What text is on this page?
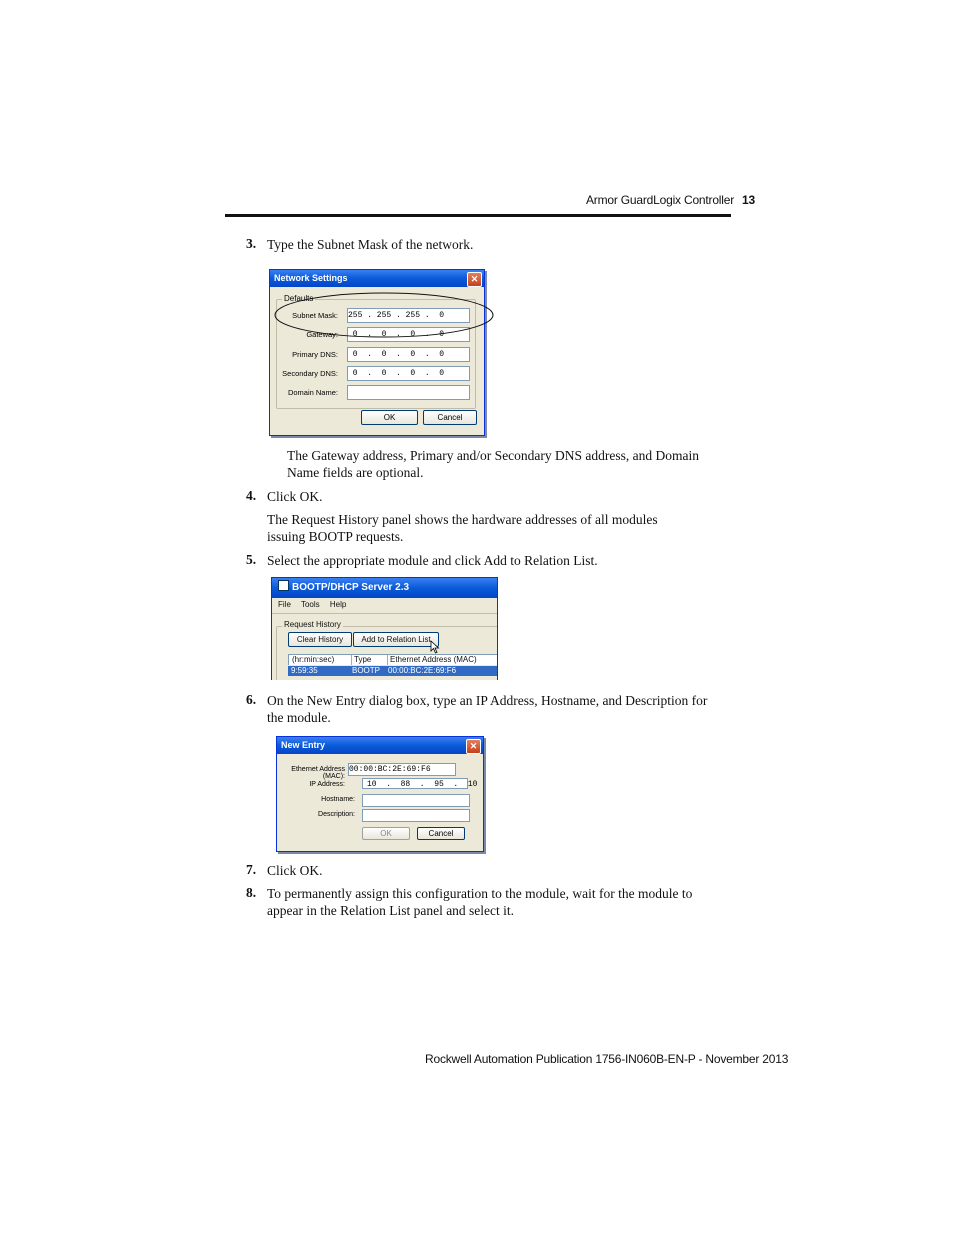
Armor GuardLogix Controller 13
3. Type the Subnet Mask of the network.
Network Settings	✕
Defaults
Subnet Mask: 255 . 255 . 255 .  0
Gateway: 0  .  0  .  0  .  0
Primary DNS: 0  .  0  .  0  .  0
Secondary DNS: 0  .  0  .  0  .  0
Domain Name:
OK	Cancel
The Gateway address, Primary and/or Secondary DNS address, and Domain Name fields are optional.
4. Click OK.
The Request History panel shows the hardware addresses of all modules issuing BOOTP requests.
5. Select the appropriate module and click Add to Relation List.
BOOTP/DHCP Server 2.3
File Tools Help
Request History
Clear History	Add to Relation List
(hr:min:sec)	Type	Ethernet Address (MAC)
9:59:35	BOOTP 00:00:BC:2E:69:F6
6. On the New Entry dialog box, type an IP Address, Hostname, and Description for the module.
New Entry	✕
Ethernet Address (MAC):
00:00:BC:2E:69:F6
IP Address:	10  .  88  .  95  .  10
Hostname:
Description:
OK	Cancel
7. Click OK.
8. To permanently assign this configuration to the module, wait for the module to appear in the Relation List panel and select it.
Rockwell Automation Publication 1756-IN060B-EN-P - November 2013
